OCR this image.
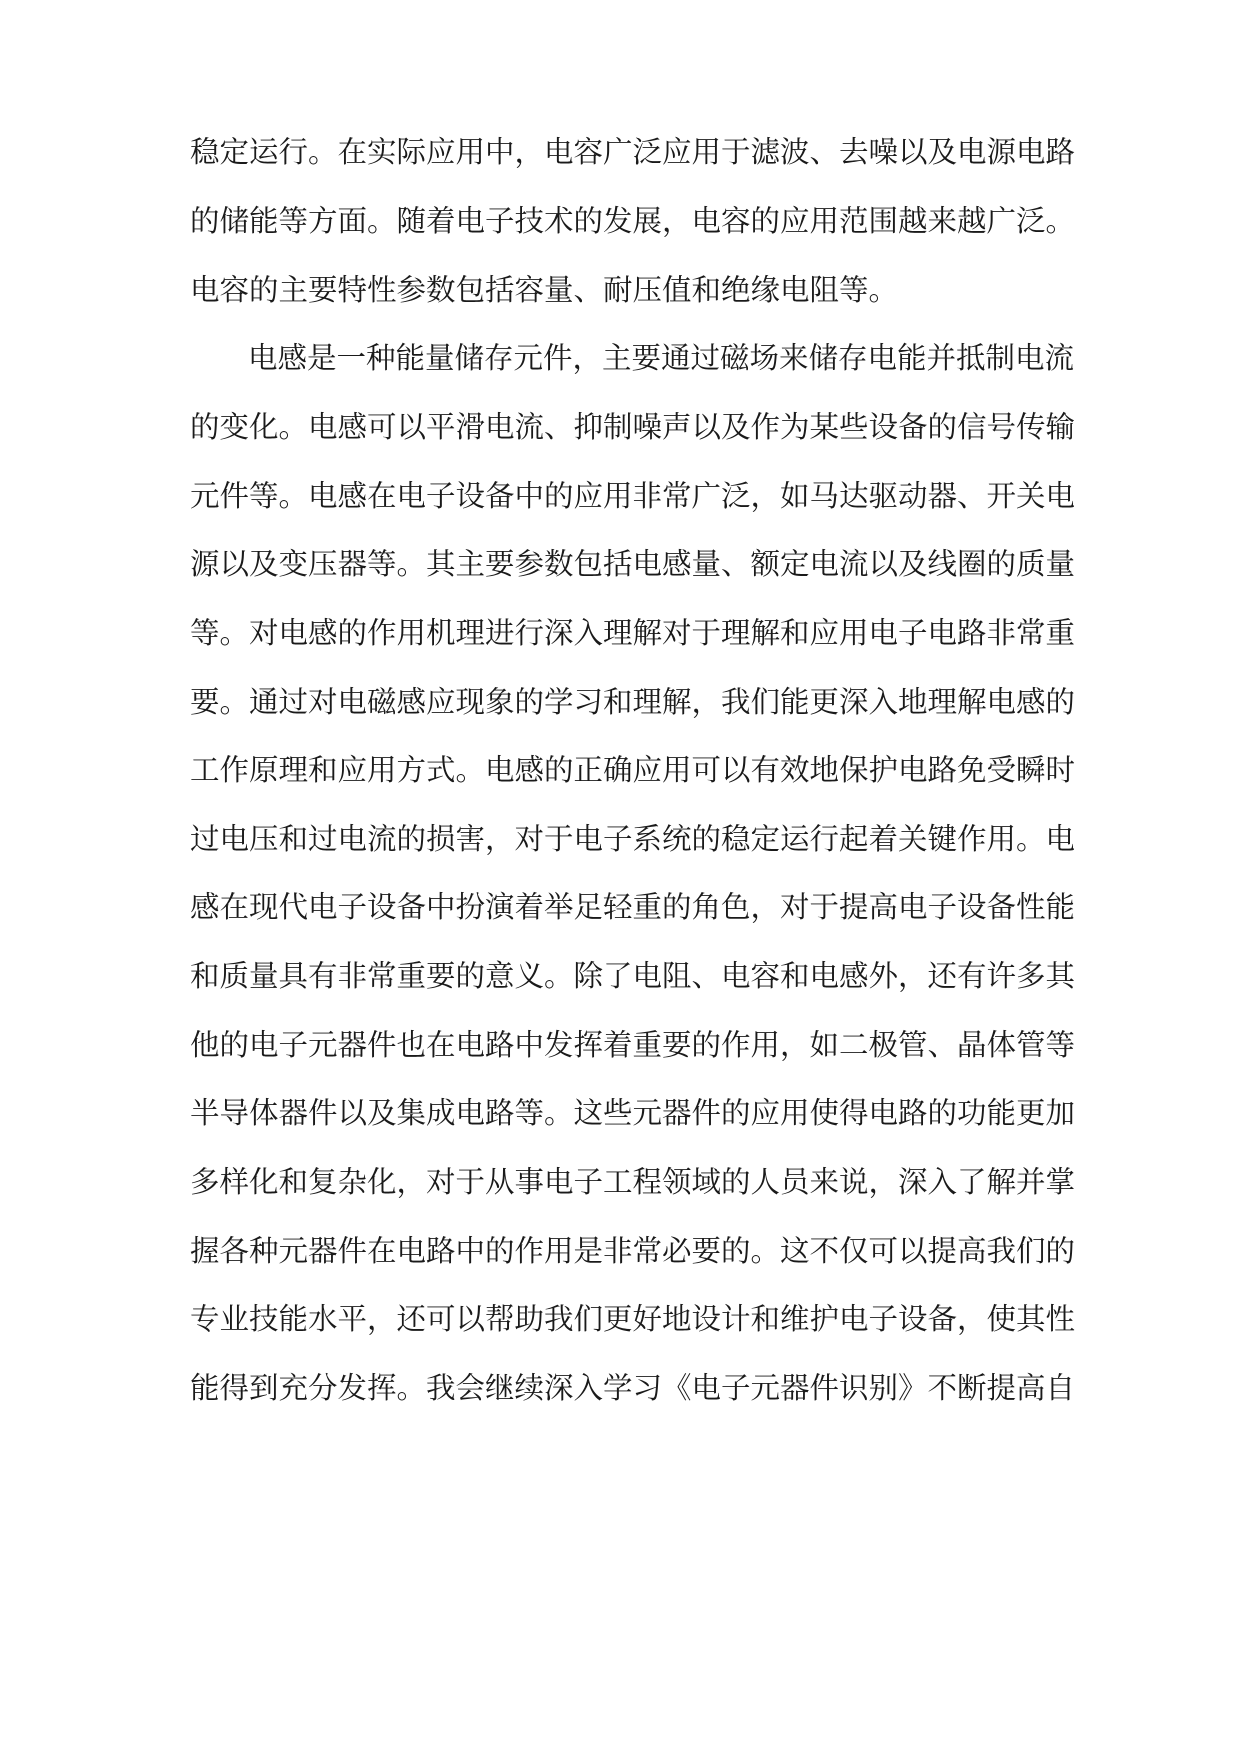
稳定运行。在实际应用中，电容广泛应用于滤波、去噪以及电源电路
的储能等方面。随着电子技术的发展，电容的应用范围越来越广泛。
电容的主要特性参数包括容量、耐压值和绝缘电阻等。
电感是一种能量储存元件，主要通过磁场来储存电能并抵制电流
的变化。电感可以平滑电流、抑制噪声以及作为某些设备的信号传输
元件等。电感在电子设备中的应用非常广泛，如马达驱动器、开关电
源以及变压器等。其主要参数包括电感量、额定电流以及线圈的质量
等。对电感的作用机理进行深入理解对于理解和应用电子电路非常重
要。通过对电磁感应现象的学习和理解，我们能更深入地理解电感的
工作原理和应用方式。电感的正确应用可以有效地保护电路免受瞬时
过电压和过电流的损害，对于电子系统的稳定运行起着关键作用。电
感在现代电子设备中扮演着举足轻重的角色，对于提高电子设备性能
和质量具有非常重要的意义。除了电阻、电容和电感外，还有许多其
他的电子元器件也在电路中发挥着重要的作用，如二极管、晶体管等
半导体器件以及集成电路等。这些元器件的应用使得电路的功能更加
多样化和复杂化，对于从事电子工程领域的人员来说，深入了解并掌
握各种元器件在电路中的作用是非常必要的。这不仅可以提高我们的
专业技能水平，还可以帮助我们更好地设计和维护电子设备，使其性
能得到充分发挥。我会继续深入学习《电子元器件识别》不断提高自
